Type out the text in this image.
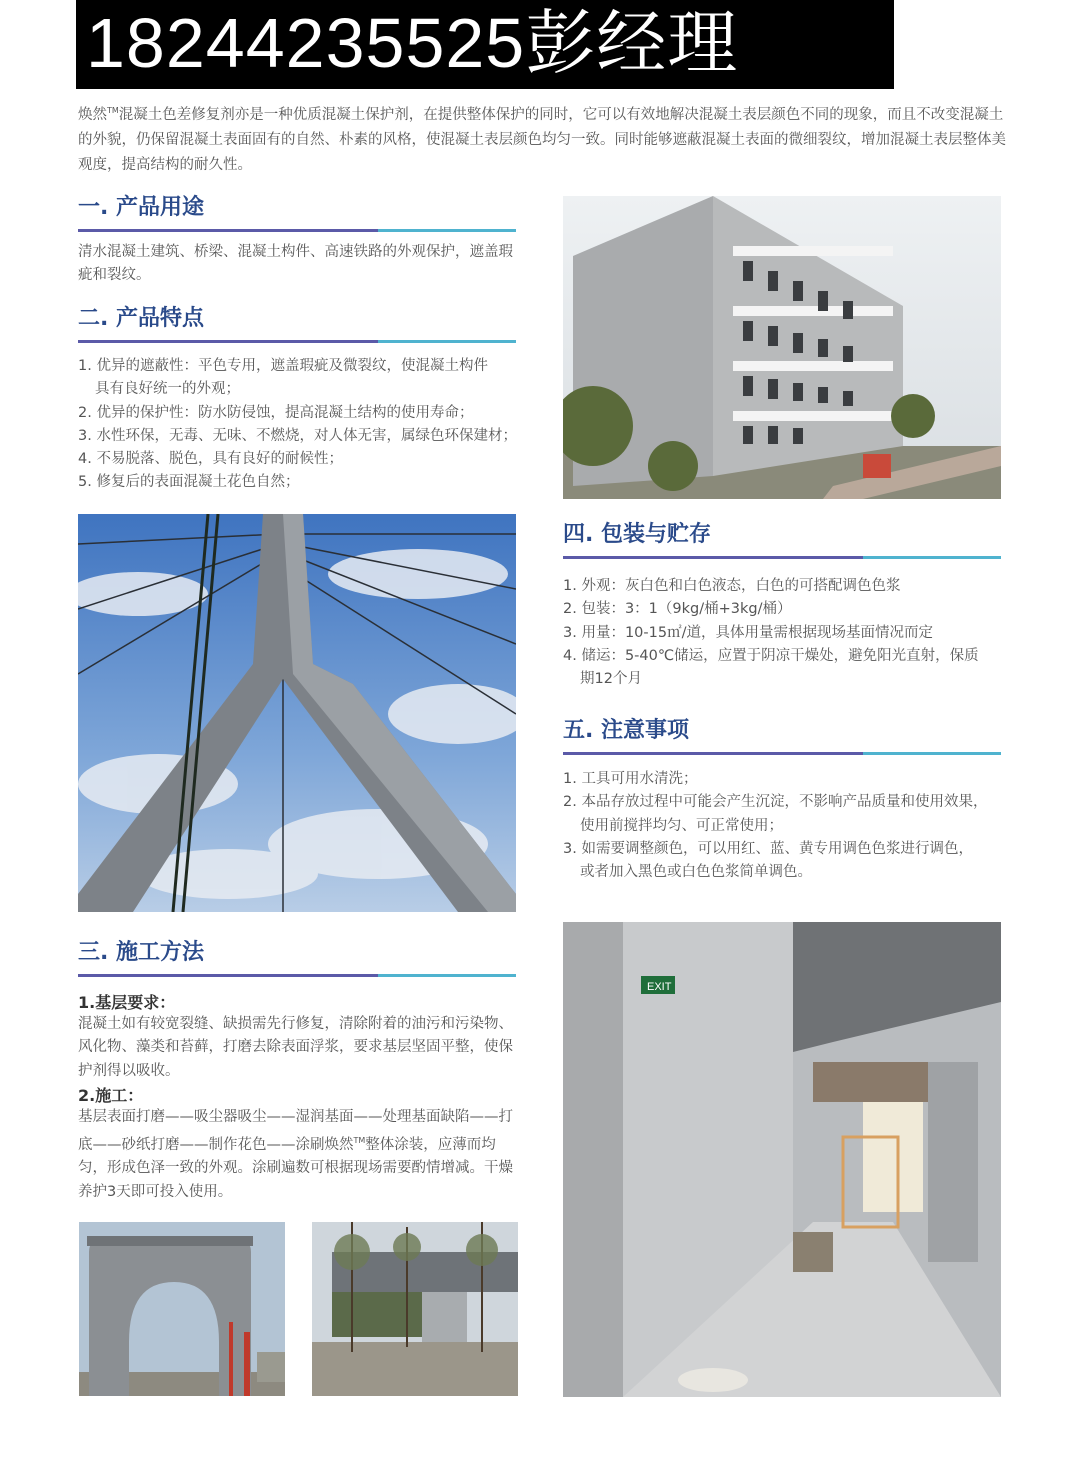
18244235525彭经理
焕然™混凝土色差修复剂亦是一种优质混凝土保护剂，在提供整体保护的同时，它可以有效地解决混凝土表层颜色不同的现象，而且不改变混凝土的外貌，仍保留混凝土表面固有的自然、朴素的风格，使混凝土表层颜色均匀一致。同时能够遮蔽混凝土表面的微细裂纹，增加混凝土表层整体美观度，提高结构的耐久性。
一. 产品用途
清水混凝土建筑、桥梁、混凝土构件、高速铁路的外观保护，遮盖瑕疵和裂纹。
二. 产品特点
1. 优异的遮蔽性：平色专用，遮盖瑕疵及微裂纹，使混凝土构件
具有良好统一的外观；
2. 优异的保护性：防水防侵蚀，提高混凝土结构的使用寿命；
3. 水性环保，无毒、无味、不燃烧，对人体无害，属绿色环保建材；
4. 不易脱落、脱色，具有良好的耐候性；
5. 修复后的表面混凝土花色自然；
四. 包装与贮存
1. 外观：灰白色和白色液态，白色的可搭配调色色浆
2. 包装：3：1（9kg/桶+3kg/桶）
3. 用量：10-15㎡/道，具体用量需根据现场基面情况而定
4. 储运：5-40℃储运，应置于阴凉干燥处，避免阳光直射，保质
期12个月
五. 注意事项
1. 工具可用水清洗；
2. 本品存放过程中可能会产生沉淀，不影响产品质量和使用效果，
使用前搅拌均匀、可正常使用；
3. 如需要调整颜色，可以用红、蓝、黄专用调色色浆进行调色，
或者加入黑色或白色色浆简单调色。
三. 施工方法
1.基层要求：
混凝土如有较宽裂缝、缺损需先行修复，清除附着的油污和污染物、风化物、藻类和苔藓，打磨去除表面浮浆，要求基层坚固平整，使保护剂得以吸收。
2.施工：
基层表面打磨——吸尘器吸尘——湿润基面——处理基面缺陷——打底——砂纸打磨——制作花色——涂刷焕然™整体涂装，应薄而均匀，形成色泽一致的外观。涂刷遍数可根据现场需要酌情增减。干燥养护3天即可投入使用。
EXIT
